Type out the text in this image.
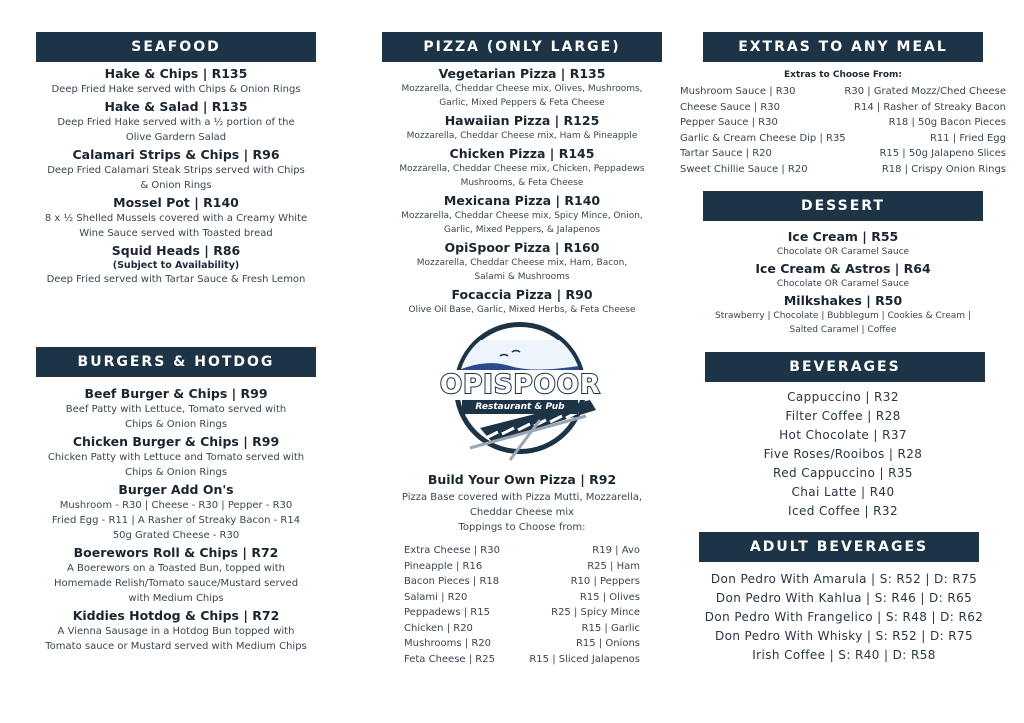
SEAFOOD
Hake & Chips | R135
Deep Fried Hake served with Chips & Onion Rings
Hake & Salad | R135
Deep Fried Hake served with a ½ portion of the
Olive Gardern Salad
Calamari Strips & Chips | R96
Deep Fried Calamari Steak Strips served with Chips
& Onion Rings
Mossel Pot | R140
8 x ½ Shelled Mussels covered with a Creamy White
Wine Sauce served with Toasted bread
Squid Heads | R86
(Subject to Availability)
Deep Fried served with Tartar Sauce & Fresh Lemon
BURGERS & HOTDOG
Beef Burger & Chips | R99
Beef Patty with Lettuce, Tomato served with
Chips & Onion Rings
Chicken Burger & Chips | R99
Chicken Patty with Lettuce and Tomato served with
Chips & Onion Rings
Burger Add On's
Mushroom - R30 | Cheese - R30 | Pepper - R30
Fried Egg - R11 | A Rasher of Streaky Bacon - R14
50g Grated Cheese - R30
Boerewors Roll & Chips | R72
A Boerewors on a Toasted Bun, topped with
Homemade Relish/Tomato sauce/Mustard served
with Medium Chips
Kiddies Hotdog & Chips | R72
A Vienna Sausage in a Hotdog Bun topped with
Tomato sauce or Mustard served with Medium Chips
PIZZA (ONLY LARGE)
Vegetarian Pizza | R135
Mozzarella, Cheddar Cheese mix, Olives, Mushrooms,
Garlic, Mixed Peppers & Feta Cheese
Hawaiian Pizza | R125
Mozzarella, Cheddar Cheese mix, Ham & Pineapple
Chicken Pizza | R145
Mozzarella, Cheddar Cheese mix, Chicken, Peppadews
Mushrooms, & Feta Cheese
Mexicana Pizza | R140
Mozzarella, Cheddar Cheese mix, Spicy Mince, Onion,
Garlic, Mixed Peppers, & Jalapenos
OpiSpoor Pizza | R160
Mozzarella, Cheddar Cheese mix, Ham, Bacon,
Salami & Mushrooms
Focaccia Pizza | R90
Olive Oil Base, Garlic, Mixed Herbs, & Feta Cheese
OPISPOOR
Restaurant & Pub
Build Your Own Pizza | R92
Pizza Base covered with Pizza Mutti, Mozzarella,
Cheddar Cheese mix
Toppings to Choose from:
Extra Cheese | R30	R19 | Avo
Pineapple | R16	R25 | Ham
Bacon Pieces | R18	R10 | Peppers
Salami | R20	R15 | Olives
Peppadews | R15	R25 | Spicy Mince
Chicken | R20	R15 | Garlic
Mushrooms | R20	R15 | Onions
Feta Cheese | R25	R15 | Sliced Jalapenos
EXTRAS TO ANY MEAL
Extras to Choose From:
Mushroom Sauce | R30	R30 | Grated Mozz/Ched Cheese
Cheese Sauce | R30	R14 | Rasher of Streaky Bacon
Pepper Sauce | R30	R18 | 50g Bacon Pieces
Garlic & Cream Cheese Dip | R35	R11 | Fried Egg
Tartar Sauce | R20	R15 | 50g Jalapeno Slices
Sweet Chillie Sauce | R20	R18 | Crispy Onion Rings
DESSERT
Ice Cream | R55
Chocolate OR Caramel Sauce
Ice Cream & Astros | R64
Chocolate OR Caramel Sauce
Milkshakes | R50
Strawberry | Chocolate | Bubblegum | Cookies & Cream |
Salted Caramel | Coffee
BEVERAGES
Cappuccino | R32
Filter Coffee | R28
Hot Chocolate | R37
Five Roses/Rooibos | R28
Red Cappuccino | R35
Chai Latte | R40
Iced Coffee | R32
ADULT BEVERAGES
Don Pedro With Amarula | S: R52 | D: R75
Don Pedro With Kahlua | S: R46 | D: R65
Don Pedro With Frangelico | S: R48 | D: R62
Don Pedro With Whisky | S: R52 | D: R75
Irish Coffee | S: R40 | D: R58
